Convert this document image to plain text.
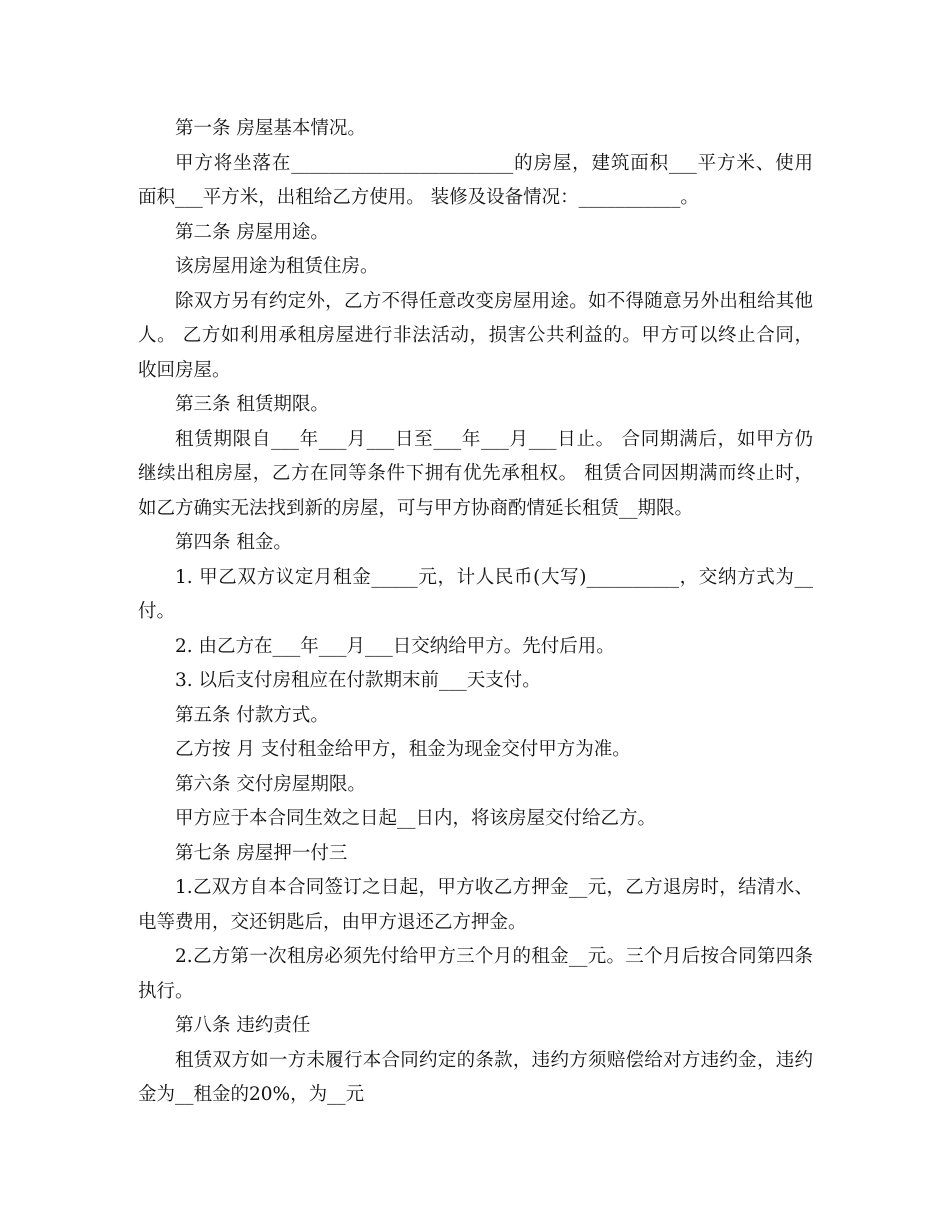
第一条 房屋基本情况。
甲方将坐落在________________________的房屋，建筑面积___平方米、使用
面积___平方米，出租给乙方使用。 装修及设备情况：___________。
第二条 房屋用途。
该房屋用途为租赁住房。
除双方另有约定外，乙方不得任意改变房屋用途。如不得随意另外出租给其他
人。 乙方如利用承租房屋进行非法活动，损害公共利益的。甲方可以终止合同，
收回房屋。
第三条 租赁期限。
租赁期限自___年___月___日至___年___月___日止。 合同期满后，如甲方仍
继续出租房屋，乙方在同等条件下拥有优先承租权。 租赁合同因期满而终止时，
如乙方确实无法找到新的房屋，可与甲方协商酌情延长租赁__期限。
第四条 租金。
1. 甲乙双方议定月租金_____元，计人民币(大写)__________，交纳方式为__
付。
2. 由乙方在___年___月___日交纳给甲方。先付后用。
3. 以后支付房租应在付款期末前___天支付。
第五条 付款方式。
乙方按 月 支付租金给甲方，租金为现金交付甲方为准。
第六条 交付房屋期限。
甲方应于本合同生效之日起__日内，将该房屋交付给乙方。
第七条 房屋押一付三
1.乙双方自本合同签订之日起，甲方收乙方押金__元，乙方退房时，结清水、
电等费用，交还钥匙后，由甲方退还乙方押金。
2.乙方第一次租房必须先付给甲方三个月的租金__元。三个月后按合同第四条
执行。
第八条 违约责任
租赁双方如一方未履行本合同约定的条款，违约方须赔偿给对方违约金，违约
金为__租金的20%，为__元
